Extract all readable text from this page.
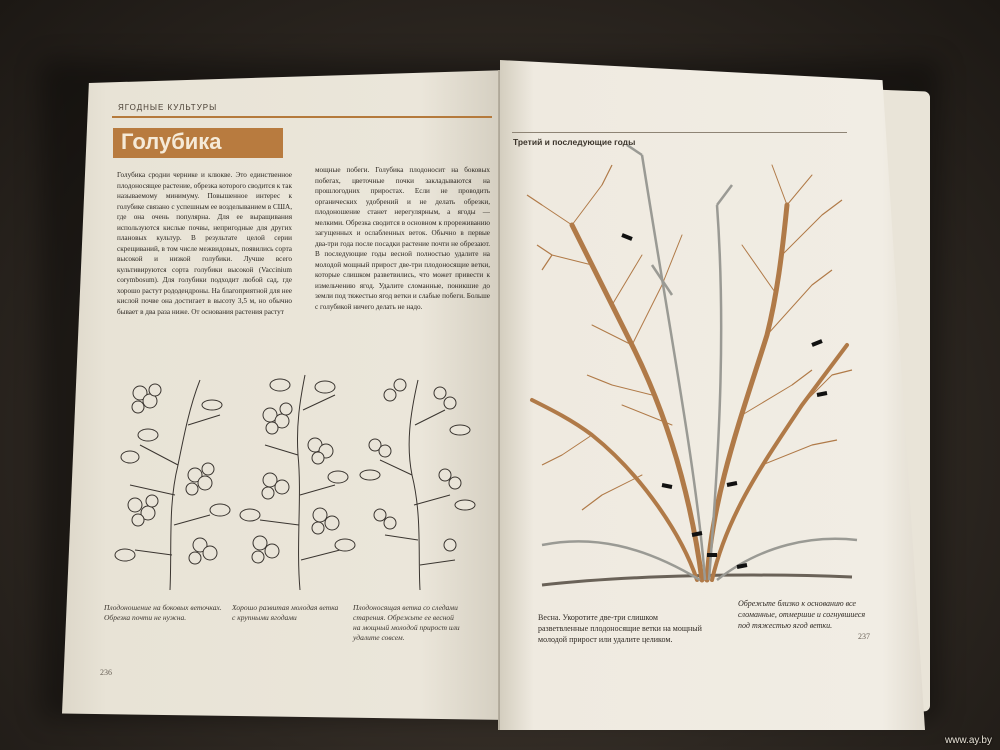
ЯГОДНЫЕ КУЛЬТУРЫ
Голубика
Голубика сродни чернике и клюкве. Это единственное плодоносящее растение, обрезка которого сводится к так называемому минимуму. Повышенное интерес к голубике связано с успешным ее возделыванием в США, где она очень популярна. Для ее выращивания используются кислые почвы, непригодные для других плановых культур. В результате целой серии скрещиваний, в том числе межвидовых, появились сорта высокой и низкой голубики. Лучше всего культивируются сорта голубики высокой (Vaccinium corymbosum). Для голубики подходит любой сад, где хорошо растут рододендроны. На благоприятной для нее кислой почве она достигает в высоту 3,5 м, но обычно бывает в два раза ниже. От основания растения растут
мощные побеги. Голубика плодоносит на боковых побегах, цветочные почки закладываются на прошлогодних приростах. Если не проводить органических удобрений и не делать обрезки, плодоношение станет нерегулярным, а ягоды — мелкими. Обрезка сводится в основном к прореживанию загущенных и ослабленных веток. Обычно в первые два-три года после посадки растение почти не обрезают. В последующие годы весной полностью удалите на молодой мощный прирост две-три плодоносящие ветки, которые слишком разветвились, что может привести к измельчению ягод. Удалите сломанные, поникшие до земли под тяжестью ягод ветки и слабые побеги. Больше с голубикой ничего делать не надо.
Плодоношение на боковых веточках. Обрезка почти не нужна.
Хорошо развитая молодая ветка с крупными ягодами
Плодоносящая ветка со следами старения. Обрежьте ее весной на мощный молодой прирост или удалите совсем.
236
Третий и последующие годы
Весна. Укоротите две-три слишком разветвленные плодоносящие ветки на мощный молодой прирост или удалите целиком.
Обрежьте близко к основанию все сломанные, отмершие и согнувшиеся под тяжестью ягод ветки.
237
www.ay.by
